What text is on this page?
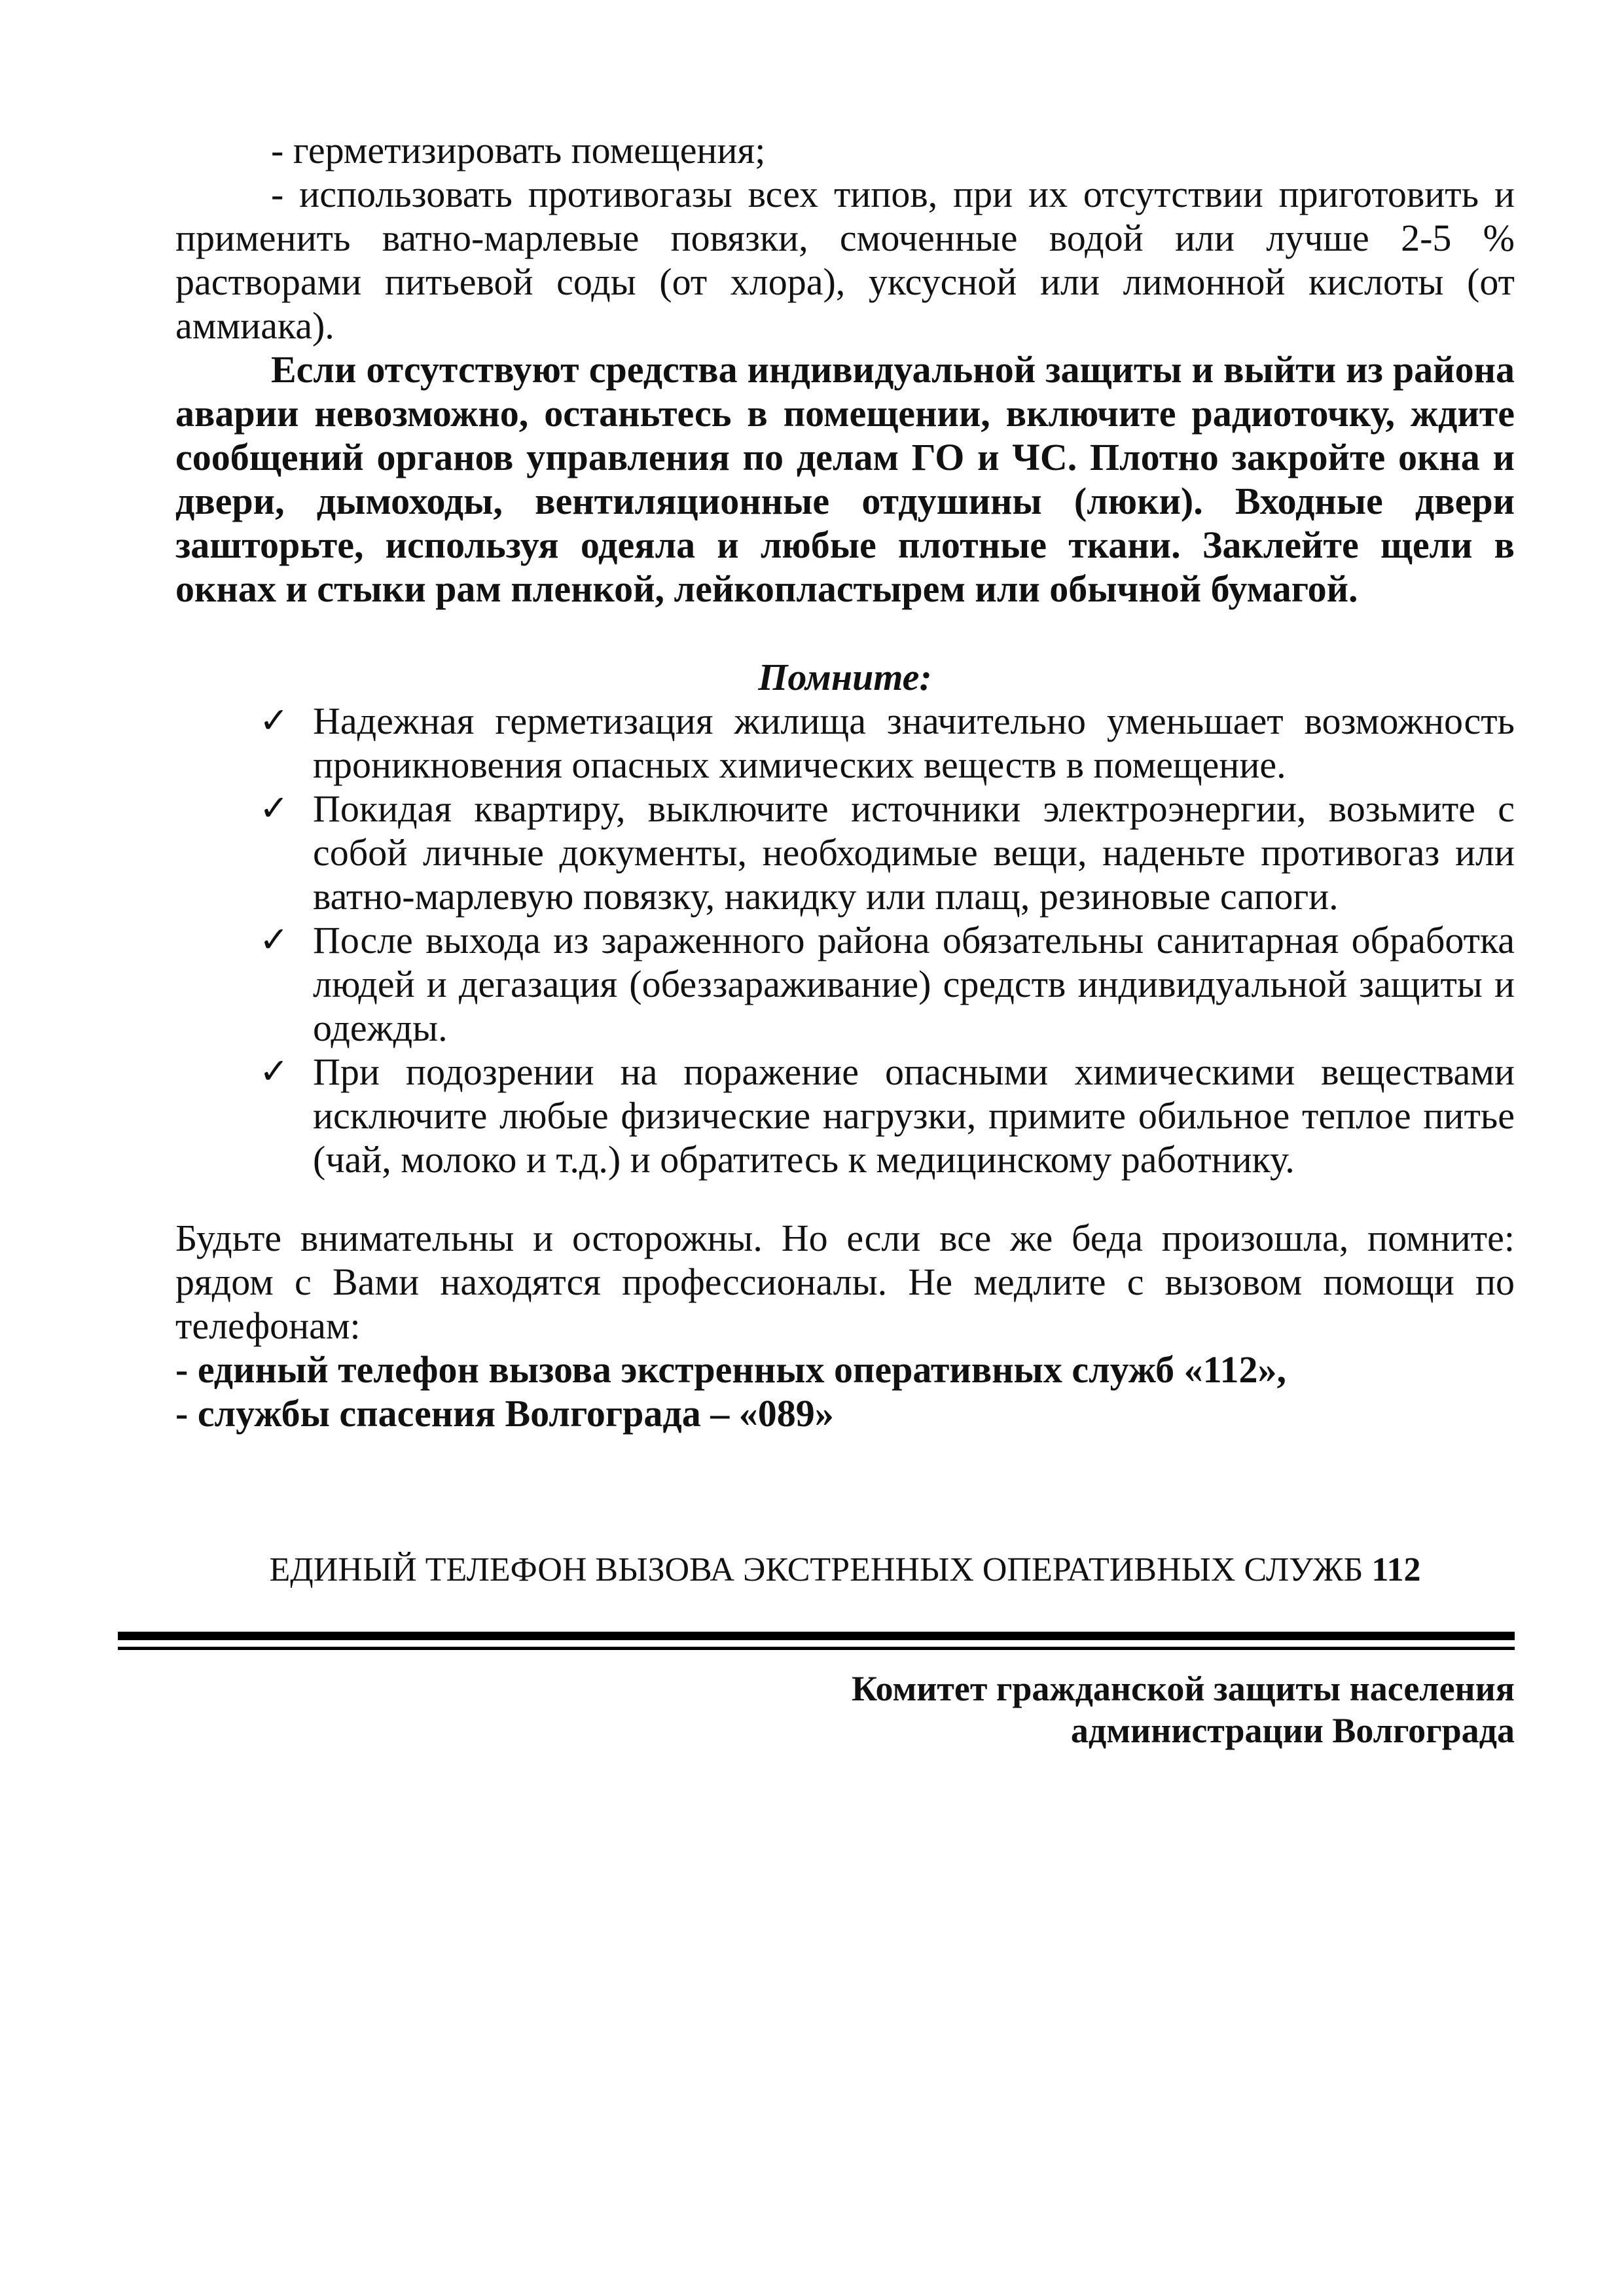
- герметизировать помещения;

- использовать противогазы всех типов, при их отсутствии приготовить и применить ватно-марлевые повязки, смоченные водой или лучше 2-5 % растворами питьевой соды (от хлора), уксусной или лимонной кислоты (от аммиака).

Если отсутствуют средства индивидуальной защиты и выйти из района аварии невозможно, останьтесь в помещении, включите радиоточку, ждите сообщений органов управления по делам ГО и ЧС. Плотно закройте окна и двери, дымоходы, вентиляционные отдушины (люки). Входные двери зашторьте, используя одеяла и любые плотные ткани. Заклейте щели в окнах и стыки рам пленкой, лейкопластырем или обычной бумагой.

Помните:
✓ Надежная герметизация жилища значительно уменьшает возможность проникновения опасных химических веществ в помещение.
✓ Покидая квартиру, выключите источники электроэнергии, возьмите с собой личные документы, необходимые вещи, наденьте противогаз или ватно-марлевую повязку, накидку или плащ, резиновые сапоги.
✓ После выхода из зараженного района обязательны санитарная обработка людей и дегазация (обеззараживание) средств индивидуальной защиты и одежды.
✓ При подозрении на поражение опасными химическими веществами исключите любые физические нагрузки, примите обильное теплое питье (чай, молоко и т.д.) и обратитесь к медицинскому работнику.

Будьте внимательны и осторожны. Но если все же беда произошла, помните: рядом с Вами находятся профессионалы. Не медлите с вызовом помощи по телефонам:

- единый телефон вызова экстренных оперативных служб «112»,

- службы спасения Волгограда – «089»

ЕДИНЫЙ ТЕЛЕФОН ВЫЗОВА ЭКСТРЕННЫХ ОПЕРАТИВНЫХ СЛУЖБ 112
Комитет гражданской защиты населения
администрации Волгограда
